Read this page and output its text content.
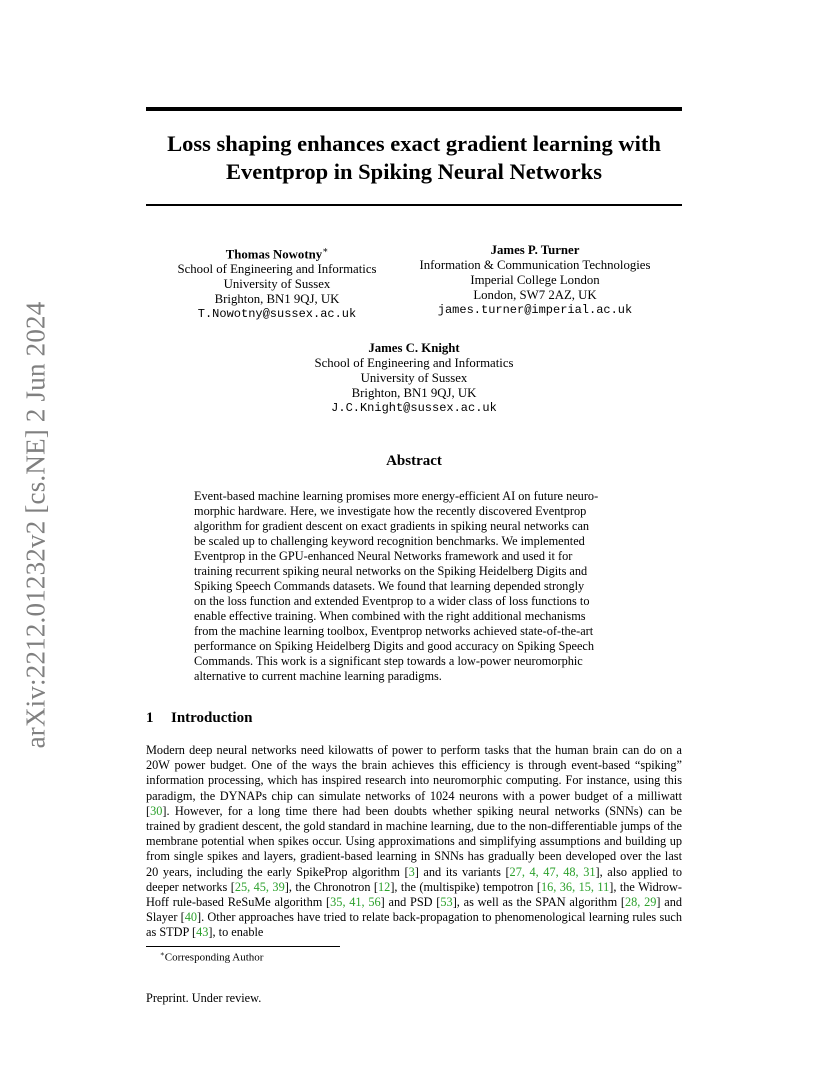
arXiv:2212.01232v2 [cs.NE] 2 Jun 2024
Loss shaping enhances exact gradient learning with
Eventprop in Spiking Neural Networks
Thomas Nowotny∗
School of Engineering and Informatics
University of Sussex
Brighton, BN1 9QJ, UK
T.Nowotny@sussex.ac.uk
James P. Turner
Information & Communication Technologies
Imperial College London
London, SW7 2AZ, UK
james.turner@imperial.ac.uk
James C. Knight
School of Engineering and Informatics
University of Sussex
Brighton, BN1 9QJ, UK
J.C.Knight@sussex.ac.uk
Abstract
Event-based machine learning promises more energy-efficient AI on future neuro-
morphic hardware. Here, we investigate how the recently discovered Eventprop
algorithm for gradient descent on exact gradients in spiking neural networks can
be scaled up to challenging keyword recognition benchmarks. We implemented
Eventprop in the GPU-enhanced Neural Networks framework and used it for
training recurrent spiking neural networks on the Spiking Heidelberg Digits and
Spiking Speech Commands datasets. We found that learning depended strongly
on the loss function and extended Eventprop to a wider class of loss functions to
enable effective training. When combined with the right additional mechanisms
from the machine learning toolbox, Eventprop networks achieved state-of-the-art
performance on Spiking Heidelberg Digits and good accuracy on Spiking Speech
Commands. This work is a significant step towards a low-power neuromorphic
alternative to current machine learning paradigms.
1 Introduction
Modern deep neural networks need kilowatts of power to perform tasks that the human brain can do on a 20W power budget. One of the ways the brain achieves this efficiency is through event-based “spiking” information processing, which has inspired research into neuromorphic computing. For instance, using this paradigm, the DYNAPs chip can simulate networks of 1024 neurons with a power budget of a milliwatt [30]. However, for a long time there had been doubts whether spiking neural networks (SNNs) can be trained by gradient descent, the gold standard in machine learning, due to the non-differentiable jumps of the membrane potential when spikes occur. Using approximations and simplifying assumptions and building up from single spikes and layers, gradient-based learning in SNNs has gradually been developed over the last 20 years, including the early SpikeProp algorithm [3] and its variants [27, 4, 47, 48, 31], also applied to deeper networks [25, 45, 39], the Chronotron [12], the (multispike) tempotron [16, 36, 15, 11], the Widrow-Hoff rule-based ReSuMe algorithm [35, 41, 56] and PSD [53], as well as the SPAN algorithm [28, 29] and Slayer [40]. Other approaches have tried to relate back-propagation to phenomenological learning rules such as STDP [43], to enable
∗Corresponding Author
Preprint. Under review.
